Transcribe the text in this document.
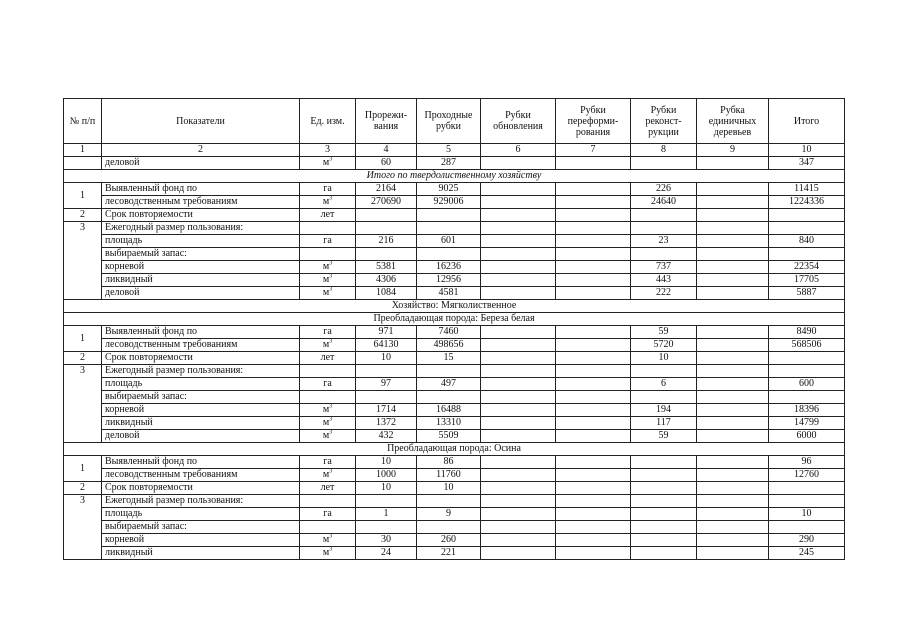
№ п/п	Показатели	Ед. изм.	Прорежи-вания	Проходные рубки	Рубки обновления	Рубки переформи-рования	Рубки реконст-рукции	Рубка единичных деревьев	Итого
1	2	3	4	5	6	7	8	9	10
	деловой	$м^3$	60	287					347
Итого по твердолиственному хозяйству									
1	Выявленный фонд по	га	2164	9025			226		11415
	лесоводственным требованиям	$м^3$	270690	929006			24640		1224336
2	Срок повторяемости	лет							
3	Ежегодный размер пользования:								
	площадь	га	216	601			23		840
	выбираемый запас:								
	корневой	$м^3$	5381	16236			737		22354
	ликвидный	$м^3$	4306	12956			443		17705
	деловой	$м^3$	1084	4581			222		5887
Хозяйство: Мягколиственное									
Преобладающая порода: Береза белая									
1	Выявленный фонд по	га	971	7460			59		8490
	лесоводственным требованиям	$м^3$	64130	498656			5720		568506
2	Срок повторяемости	лет	10	15			10		
3	Ежегодный размер пользования:								
	площадь	га	97	497			6		600
	выбираемый запас:								
	корневой	$м^3$	1714	16488			194		18396
	ликвидный	$м^3$	1372	13310			117		14799
	деловой	$м^3$	432	5509			59		6000
Преобладающая порода: Осина									
1	Выявленный фонд по	га	10	86					96
	лесоводственным требованиям	$м^3$	1000	11760					12760
2	Срок повторяемости	лет	10	10					
3	Ежегодный размер пользования:								
	площадь	га	1	9					10
	выбираемый запас:								
	корневой	$м^3$	30	260					290
	ликвидный	$м^3$	24	221					245
